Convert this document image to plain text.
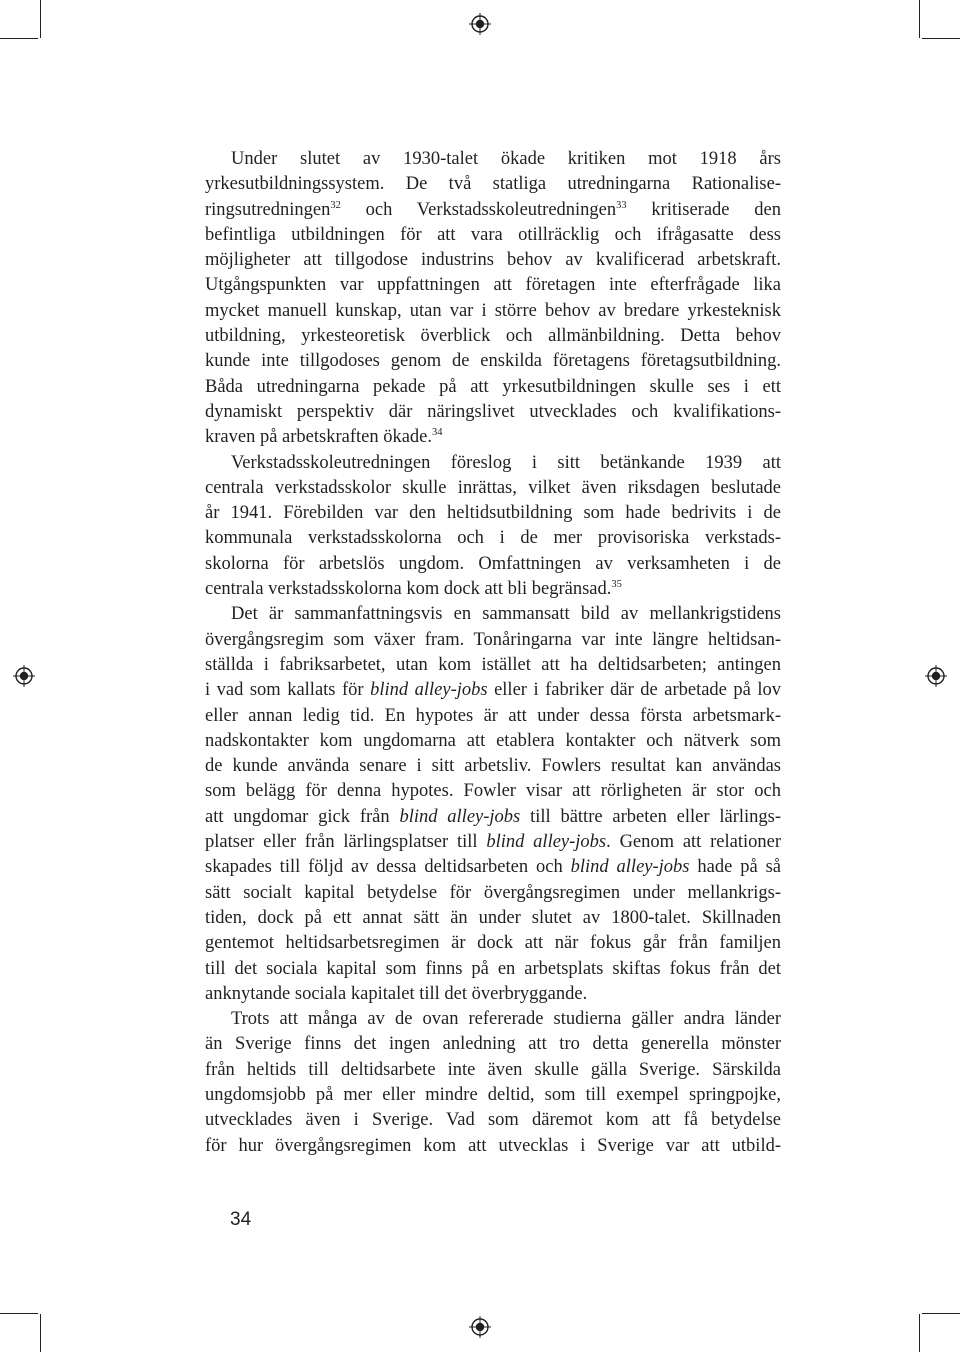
Under slutet av 1930-talet ökade kritiken mot 1918 års
yrkesutbildningssystem. De två statliga utredningarna Rationalise-
ringsutredningen$^{32}$ och Verkstadsskoleutredningen$^{33}$ kritiserade den
befintliga utbildningen för att vara otillräcklig och ifrågasatte dess
möjligheter att tillgodose industrins behov av kvalificerad arbetskraft.
Utgångspunkten var uppfattningen att företagen inte efterfrågade lika
mycket manuell kunskap, utan var i större behov av bredare yrkesteknisk
utbildning, yrkesteoretisk överblick och allmänbildning. Detta behov
kunde inte tillgodoses genom de enskilda företagens företagsutbildning.
Båda utredningarna pekade på att yrkesutbildningen skulle ses i ett
dynamiskt perspektiv där näringslivet utvecklades och kvalifikations-
kraven på arbetskraften ökade.$^{34}$
Verkstadsskoleutredningen föreslog i sitt betänkande 1939 att
centrala verkstadsskolor skulle inrättas, vilket även riksdagen beslutade
år 1941. Förebilden var den heltidsutbildning som hade bedrivits i de
kommunala verkstadsskolorna och i de mer provisoriska verkstads-
skolorna för arbetslös ungdom. Omfattningen av verksamheten i de
centrala verkstadsskolorna kom dock att bli begränsad.$^{35}$
Det är sammanfattningsvis en sammansatt bild av mellankrigstidens
övergångsregim som växer fram. Tonåringarna var inte längre heltidsan-
ställda i fabriksarbetet, utan kom istället att ha deltidsarbeten; antingen
i vad som kallats för blind alley-jobs eller i fabriker där de arbetade på lov
eller annan ledig tid. En hypotes är att under dessa första arbetsmark-
nadskontakter kom ungdomarna att etablera kontakter och nätverk som
de kunde använda senare i sitt arbetsliv. Fowlers resultat kan användas
som belägg för denna hypotes. Fowler visar att rörligheten är stor och
att ungdomar gick från blind alley-jobs till bättre arbeten eller lärlings-
platser eller från lärlingsplatser till blind alley-jobs. Genom att relationer
skapades till följd av dessa deltidsarbeten och blind alley-jobs hade på så
sätt socialt kapital betydelse för övergångsregimen under mellankrigs-
tiden, dock på ett annat sätt än under slutet av 1800-talet. Skillnaden
gentemot heltidsarbetsregimen är dock att när fokus går från familjen
till det sociala kapital som finns på en arbetsplats skiftas fokus från det
anknytande sociala kapitalet till det överbryggande.
Trots att många av de ovan refererade studierna gäller andra länder
än Sverige finns det ingen anledning att tro detta generella mönster
från heltids till deltidsarbete inte även skulle gälla Sverige. Särskilda
ungdomsjobb på mer eller mindre deltid, som till exempel springpojke,
utvecklades även i Sverige. Vad som däremot kom att få betydelse
för hur övergångsregimen kom att utvecklas i Sverige var att utbild-
34
